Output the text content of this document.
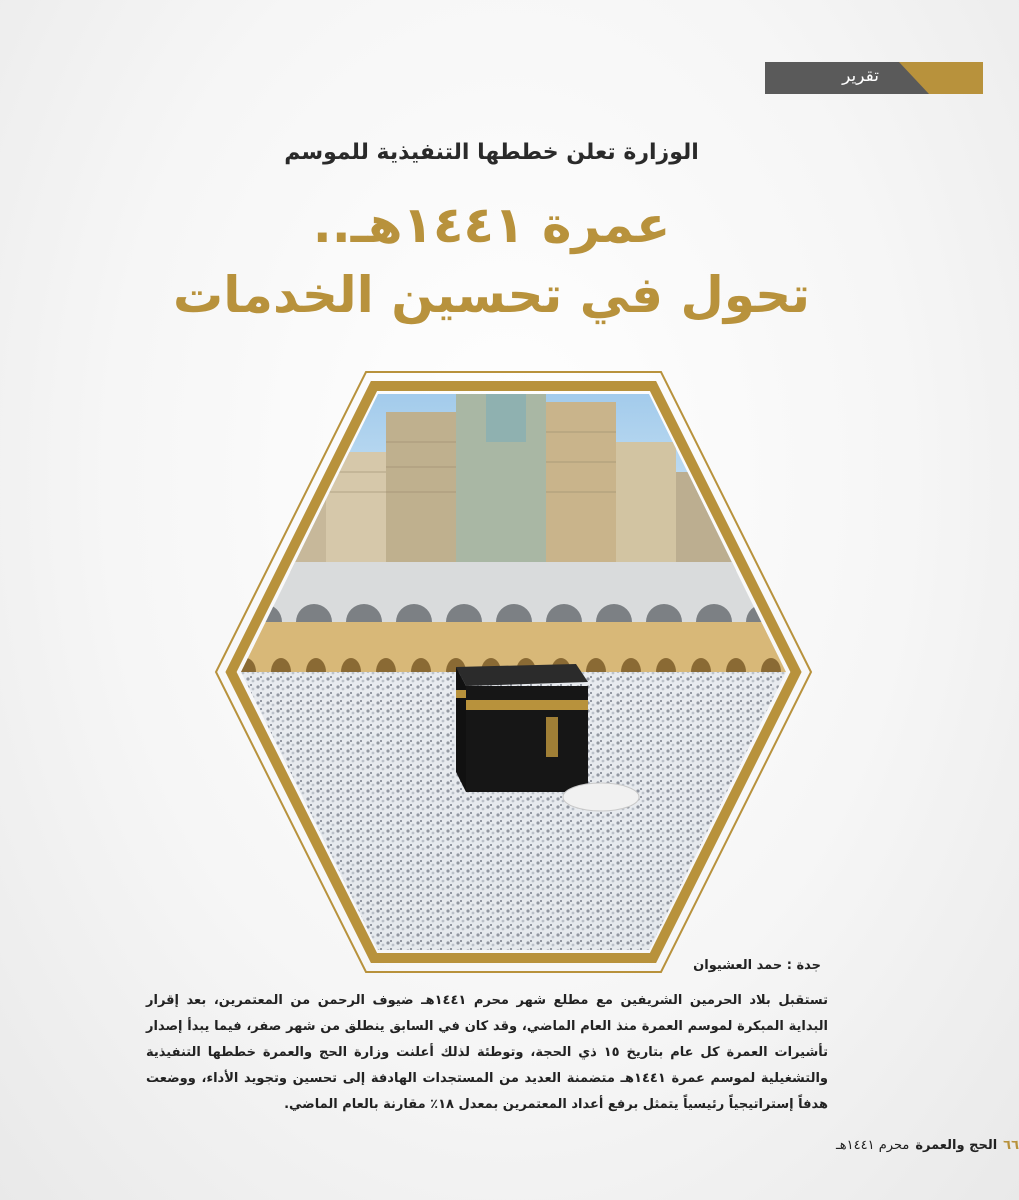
تقرير
الوزارة تعلن خططها التنفيذية للموسم
عمرة ١٤٤١هـ..
تحول في تحسين الخدمات
جدة : حمد العشيوان
تستقبل بلاد الحرمين الشريفين مع مطلع شهر محرم ١٤٤١هـ ضيوف الرحمن من المعتمرين، بعد إقرار البداية المبكرة لموسم العمرة منذ العام الماضي، وقد كان في السابق ينطلق من شهر صفر، فيما يبدأ إصدار تأشيرات العمرة كل عام بتاريخ ١٥ ذي الحجة، وتوطئة لذلك أعلنت وزارة الحج والعمرة خططها التنفيذية والتشغيلية لموسم عمرة ١٤٤١هـ متضمنة العديد من المستجدات الهادفة إلى تحسين وتجويد الأداء، ووضعت هدفاً إستراتيجياً رئيسياً يتمثل برفع أعداد المعتمرين بمعدل ١٨٪ مقارنة بالعام الماضي.
٦٦
الحج والعمرة
محرم ١٤٤١هـ
